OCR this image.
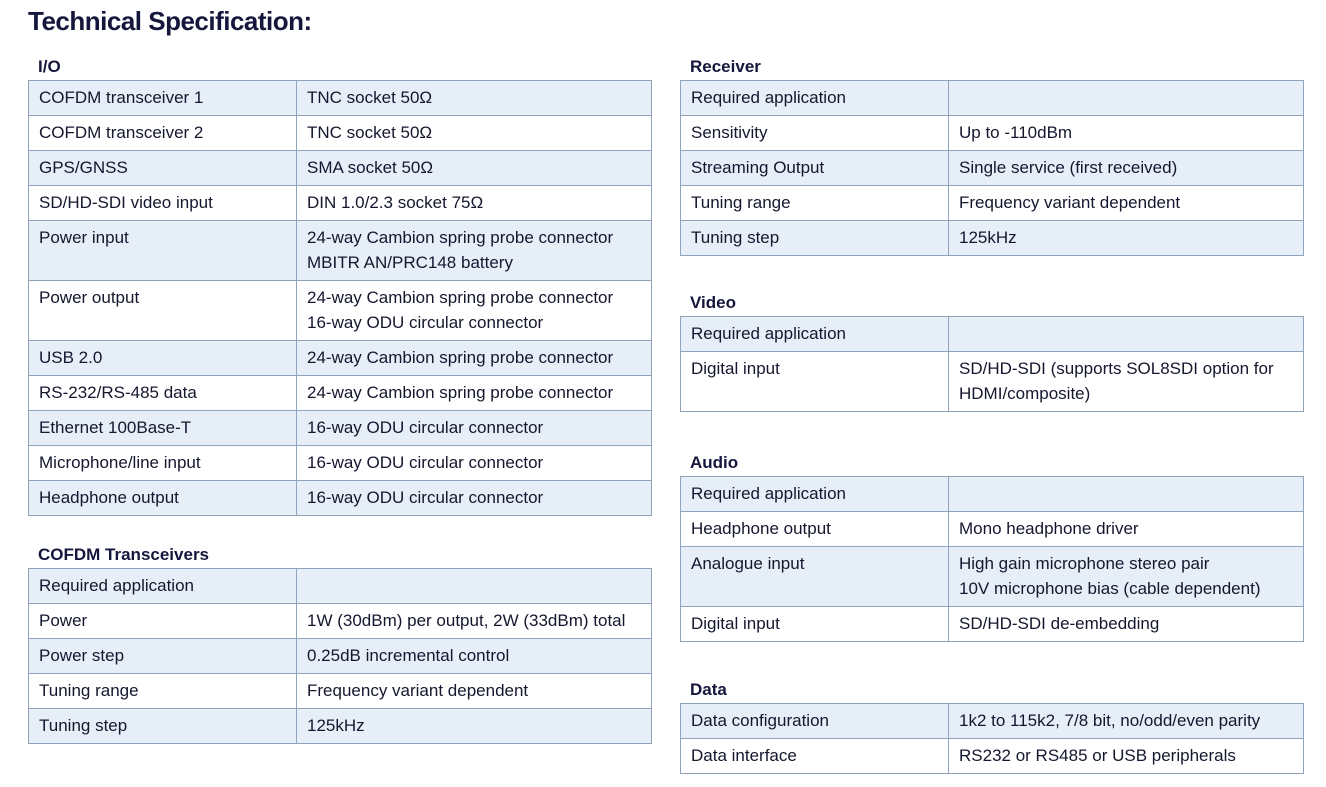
Technical Specification:
I/O
COFDM transceiver 1	TNC socket 50Ω

COFDM transceiver 2	TNC socket 50Ω

GPS/GNSS	SMA socket 50Ω

SD/HD-SDI video input	DIN 1.0/2.3 socket 75Ω

Power input	24-way Cambion spring probe connector
MBITR AN/PRC148 battery

Power output	24-way Cambion spring probe connector
16-way ODU circular connector

USB 2.0	24-way Cambion spring probe connector

RS-232/RS-485 data	24-way Cambion spring probe connector

Ethernet 100Base-T	16-way ODU circular connector

Microphone/line input	16-way ODU circular connector

Headphone output	16-way ODU circular connector
COFDM Transceivers
Required application	

Power	1W (30dBm) per output, 2W (33dBm) total

Power step	0.25dB incremental control

Tuning range	Frequency variant dependent

Tuning step	125kHz
Receiver
Required application	

Sensitivity	Up to -110dBm

Streaming Output	Single service (first received)

Tuning range	Frequency variant dependent

Tuning step	125kHz
Video
Required application	

Digital input	SD/HD-SDI (supports SOL8SDI option for
HDMI/composite)
Audio
Required application	

Headphone output	Mono headphone driver

Analogue input	High gain microphone stereo pair
10V microphone bias (cable dependent)

Digital input	SD/HD-SDI de-embedding
Data
Data configuration	1k2 to 115k2, 7/8 bit, no/odd/even parity

Data interface	RS232 or RS485 or USB peripherals
